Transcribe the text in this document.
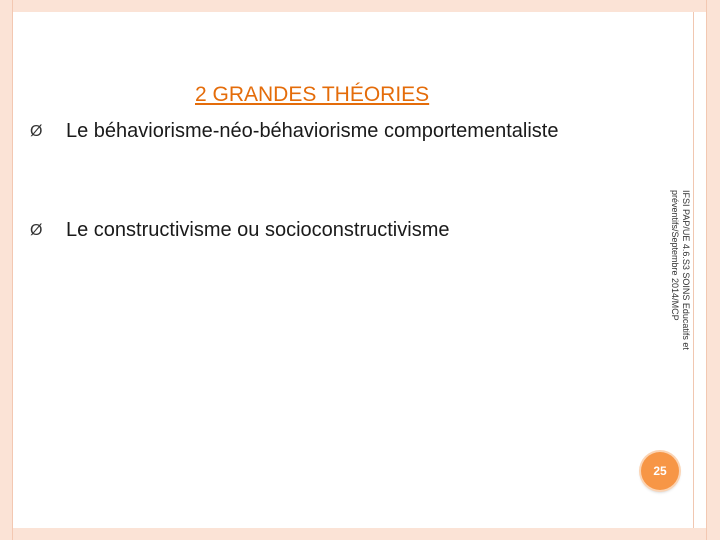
2 GRANDES THÉORIES
Ø Le béhaviorisme-néo-béhaviorisme comportementaliste
Ø Le constructivisme ou socioconstructivisme	IFSI PAP/UE 4.6.S3 SOINS Educatifs et préventifs/Septembre 2014/MCP
25
